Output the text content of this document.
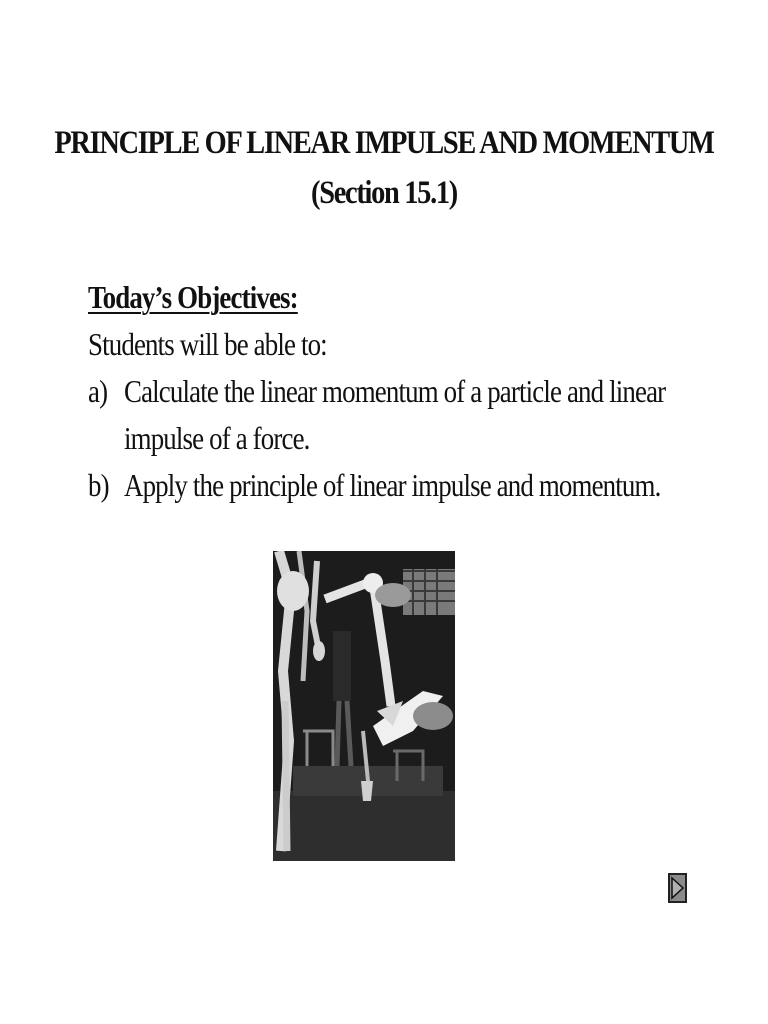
PRINCIPLE OF LINEAR IMPULSE AND MOMENTUM
(Section 15.1)
Today’s Objectives:
Students will be able to:
a) Calculate the linear momentum of a particle and linear
impulse of a force.
b) Apply the principle of linear impulse and momentum.
